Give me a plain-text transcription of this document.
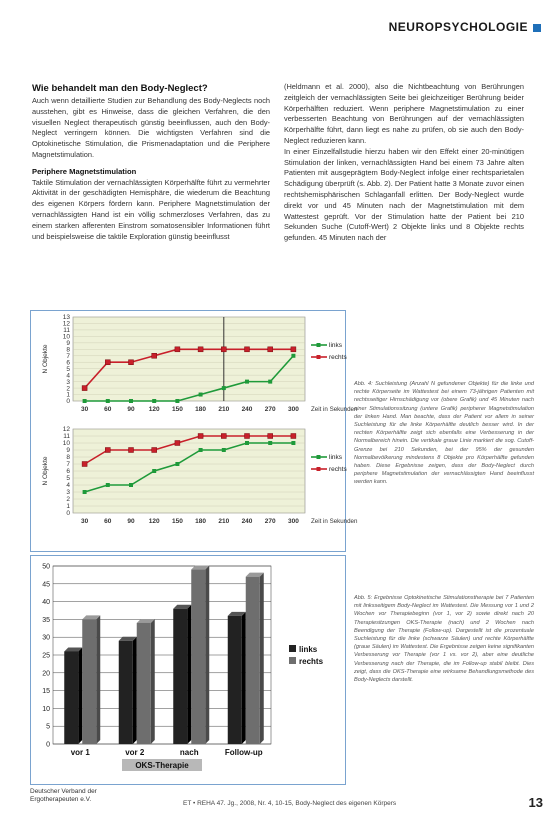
NEUROPSYCHOLOGIE
Wie behandelt man den Body-Neglect?

Auch wenn detaillierte Studien zur Behandlung des Body-Neglects noch ausstehen, gibt es Hinweise, dass die gleichen Verfahren, die den visuellen Neglect therapeutisch günstig beeinflussen, auch den Body-Neglect verringern können. Die wichtigsten Verfahren sind die Optokinetische Stimulation, die Prismenadaptation und die Periphere Magnetstimulation.

Periphere Magnetstimulation

Taktile Stimulation der vernachlässigten Körperhälfte führt zu vermehrter Aktivität in der geschädigten Hemisphäre, die wiederum die Beachtung des eigenen Körpers fördern kann. Periphere Magnetstimulation der vernachlässigten Hand ist ein völlig schmerzloses Verfahren, das zu einem starken afferenten Einstrom somatosensibler Informationen führt und beispielsweise die taktile Exploration günstig beeinflusst

(Heldmann et al. 2000), also die Nichtbeachtung von Berührungen zeitgleich der vernachlässigten Seite bei gleichzeitiger Berührung beider Körperhälften reduziert. Wenn periphere Magnetstimulation zu einer verbesserten Beachtung von Berührungen auf der vernachlässigten Körperhälfte führt, dann liegt es nahe zu prüfen, ob sie auch den Body-Neglect reduzieren kann.

In einer Einzelfallstudie hierzu haben wir den Effekt einer 20-minütigen Stimulation der linken, vernachlässigten Hand bei einem 73 Jahre alten Patienten mit ausgeprägtem Body-Neglect infolge einer rechtsparietalen Schädigung überprüft (s. Abb. 2). Der Patient hatte 3 Monate zuvor einen rechtshemisphärischen Schlaganfall erlitten. Der Body-Neglect wurde direkt vor und 45 Minuten nach der Magnetstimulation mit dem Wattestest geprüft. Vor der Stimulation hatte der Patient bei 210 Sekunden Suche (Cutoff-Wert) 2 Objekte links und 8 Objekte rechts gefunden. 45 Minuten nach der

0
1
2
3
4
5
6
7
8
9
10
11
12
13
30 60 90 120 150 180 210 240 270 300 Zeit in Sekunden
N Objekte	links
rechts
0
1
2
3
4
5
6
7
8
9
10
11
12
30 60 90 120 150 180 210 240 270 300 Zeit in Sekunden
N Objekte	links
rechts
Abb. 4: Suchleistung (Anzahl N gefundener Objekte) für die linke und rechte Körperseite im Wattestest bei einem 73-jährigen Patienten mit rechtsseitiger Hirnschädigung vor (obere Grafik) und 45 Minuten nach einer Stimulationssitzung (untere Grafik) peripherer Magnetstimulation der linken Hand. Man beachte, dass der Patient vor allem in seiner Suchleistung für die linke Körperhälfte deutlich besser wird. In der rechten Körperhälfte zeigt sich ebenfalls eine Verbesserung in der Normalbereich hinein. Die vertikale graue Linie markiert die sog. Cutoff-Grenze bei 210 Sekunden, bei der 95% der gesunden Normalbevölkerung mindestens 8 Objekte pro Körperhälfte gefunden haben. Diese Ergebnisse zeigen, dass der Body-Neglect durch periphere Magnetstimulation der vernachlässigten Hand beeinflusst werden kann.
0
5
10
15
20
25
30
35
40
45
50
vor 1	vor 2	nach	Follow-up
links
rechts
OKS-Therapie
Abb. 5: Ergebnisse Optokinetische Stimulationstherapie bei 7 Patienten mit linksseitigem Body-Neglect im Wattestest. Die Messung vor 1 und 2 Wochen vor Therapiebeginn (vor 1, vor 2) sowie direkt nach 20 Therapiesitzungen OKS-Therapie (nach) und 2 Wochen nach Beendigung der Therapie (Follow-up). Dargestellt ist die prozentuale Suchleistung für die linke (schwarze Säulen) und rechte Körperhälfte (graue Säulen) im Wattestest. Die Ergebnisse zeigen keine signifikanten Verbesserung vor Therapie (vor 1 vs. vor 2), aber eine deutliche Verbesserung nach der Therapie, die im Follow-up stabil bleibt. Dies zeigt, dass die OKS-Therapie eine wirksame Behandlungsmethode des Body-Neglects darstellt.
Deutscher Verband der
Ergotherapeuten e.V.
ET • REHA 47. Jg., 2008, Nr. 4, 10-15, Body-Neglect des eigenen Körpers	13
